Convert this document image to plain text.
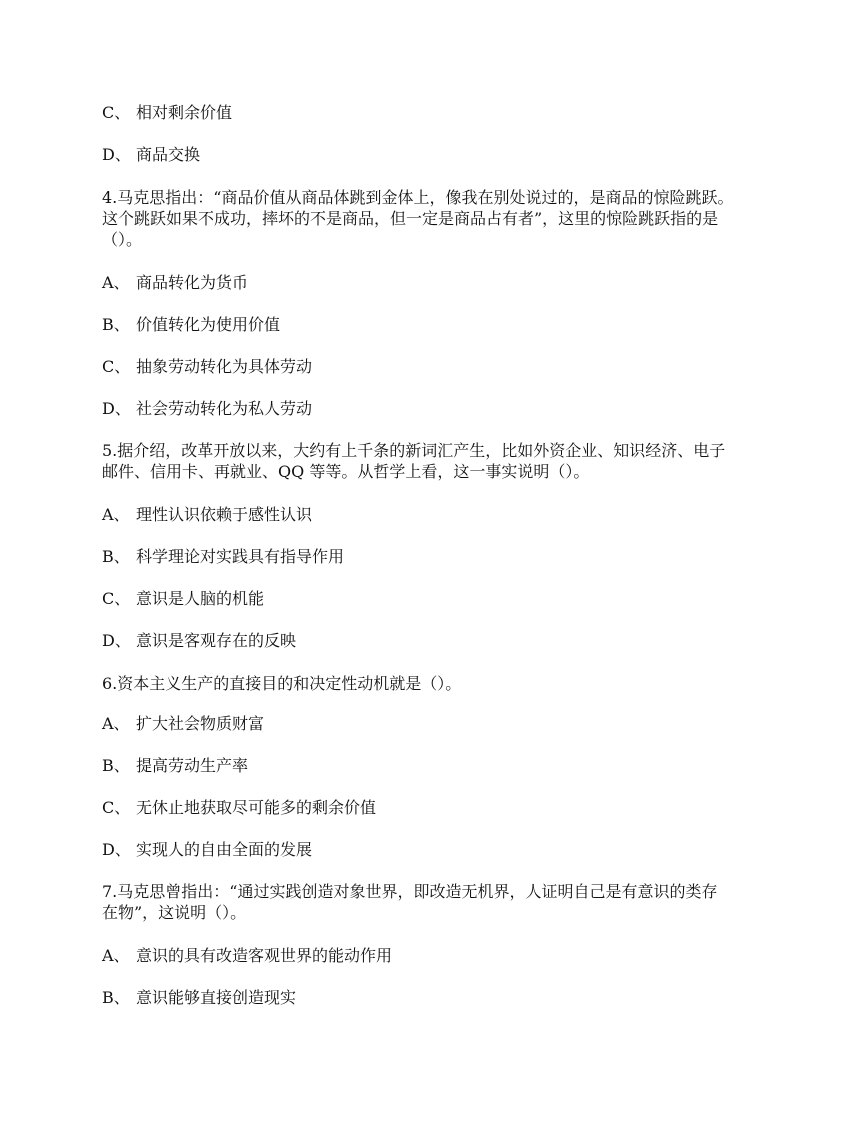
C、 相对剩余价值
D、 商品交换
4.马克思指出：“商品价值从商品体跳到金体上，像我在别处说过的，是商品的惊险跳跃。
这个跳跃如果不成功，摔坏的不是商品，但一定是商品占有者”，这里的惊险跳跃指的是
（）。
A、 商品转化为货币
B、 价值转化为使用价值
C、 抽象劳动转化为具体劳动
D、 社会劳动转化为私人劳动
5.据介绍，改革开放以来，大约有上千条的新词汇产生，比如外资企业、知识经济、电子
邮件、信用卡、再就业、QQ 等等。从哲学上看，这一事实说明（）。
A、 理性认识依赖于感性认识
B、 科学理论对实践具有指导作用
C、 意识是人脑的机能
D、 意识是客观存在的反映
6.资本主义生产的直接目的和决定性动机就是（）。
A、 扩大社会物质财富
B、 提高劳动生产率
C、 无休止地获取尽可能多的剩余价值
D、 实现人的自由全面的发展
7.马克思曾指出：“通过实践创造对象世界，即改造无机界，人证明自己是有意识的类存
在物”，这说明（）。
A、 意识的具有改造客观世界的能动作用
B、 意识能够直接创造现实
